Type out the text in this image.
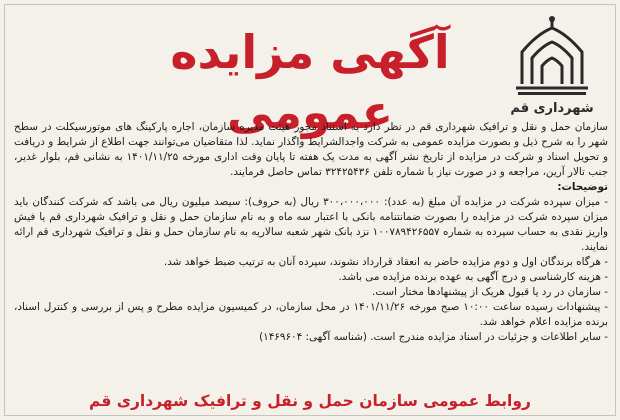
آگهی مزایده عمومی	شهرداری قم

سازمان حمل و نقل و ترافیک شهرداری قم در نظر دارد به استناد مجوز هیئت مدیره سازمان، اجاره پارکینگ های موتورسیکلت در سطح شهر را به شرح ذیل و بصورت مزایده عمومی به شرکت واجدالشرایط واگذار نماید. لذا متقاضیان می‌توانند جهت اطلاع از شرایط و دریافت و تحویل اسناد و شرکت در مزایده از تاریخ نشر آگهی به مدت یک هفته تا پایان وقت اداری مورخه ۱۴۰۱/۱۱/۲۵ به نشانی قم، بلوار غدیر، جنب تالار آرین، مراجعه و در صورت نیاز با شماره تلفن ۳۲۴۲۵۴۳۶ تماس حاصل فرمایند.

توضیحات:

- میزان سپرده شرکت در مزایده آن مبلغ (به عدد): ۳۰۰،۰۰۰،۰۰۰ ریال (به حروف): سیصد میلیون ریال می باشد که شرکت کنندگان باید میزان سپرده شرکت در مزایده را بصورت ضمانتنامه بانکی با اعتبار سه ماه و به نام سازمان حمل و نقل و ترافیک شهرداری قم یا فیش واریز نقدی به حساب سپرده به شماره ۱۰۰۷۸۹۴۲۶۵۵۷ نزد بانک شهر شعبه سالاریه به نام سازمان حمل و نقل و ترافیک شهرداری قم ارائه نمایند.
- هرگاه برندگان اول و دوم مزایده حاضر به انعقاد قرارداد نشوند، سپرده آنان به ترتیب ضبط خواهد شد.
- هزینه کارشناسی و درج آگهی به عهده برنده مزایده می باشد.
- سازمان در رد یا قبول هریک از پیشنهادها مختار است.
- پیشنهادات رسیده ساعت ۱۰:۰۰ صبح مورخه ۱۴۰۱/۱۱/۲۶ در محل سازمان، در کمیسیون مزایده مطرح و پس از بررسی و کنترل اسناد، برنده مزایده اعلام خواهد شد.
- سایر اطلاعات و جزئیات در اسناد مزایده مندرج است. (شناسه آگهی: ۱۴۶۹۶۰۴)
روابط عمومی سازمان حمل و نقل و ترافیک شهرداری قم
